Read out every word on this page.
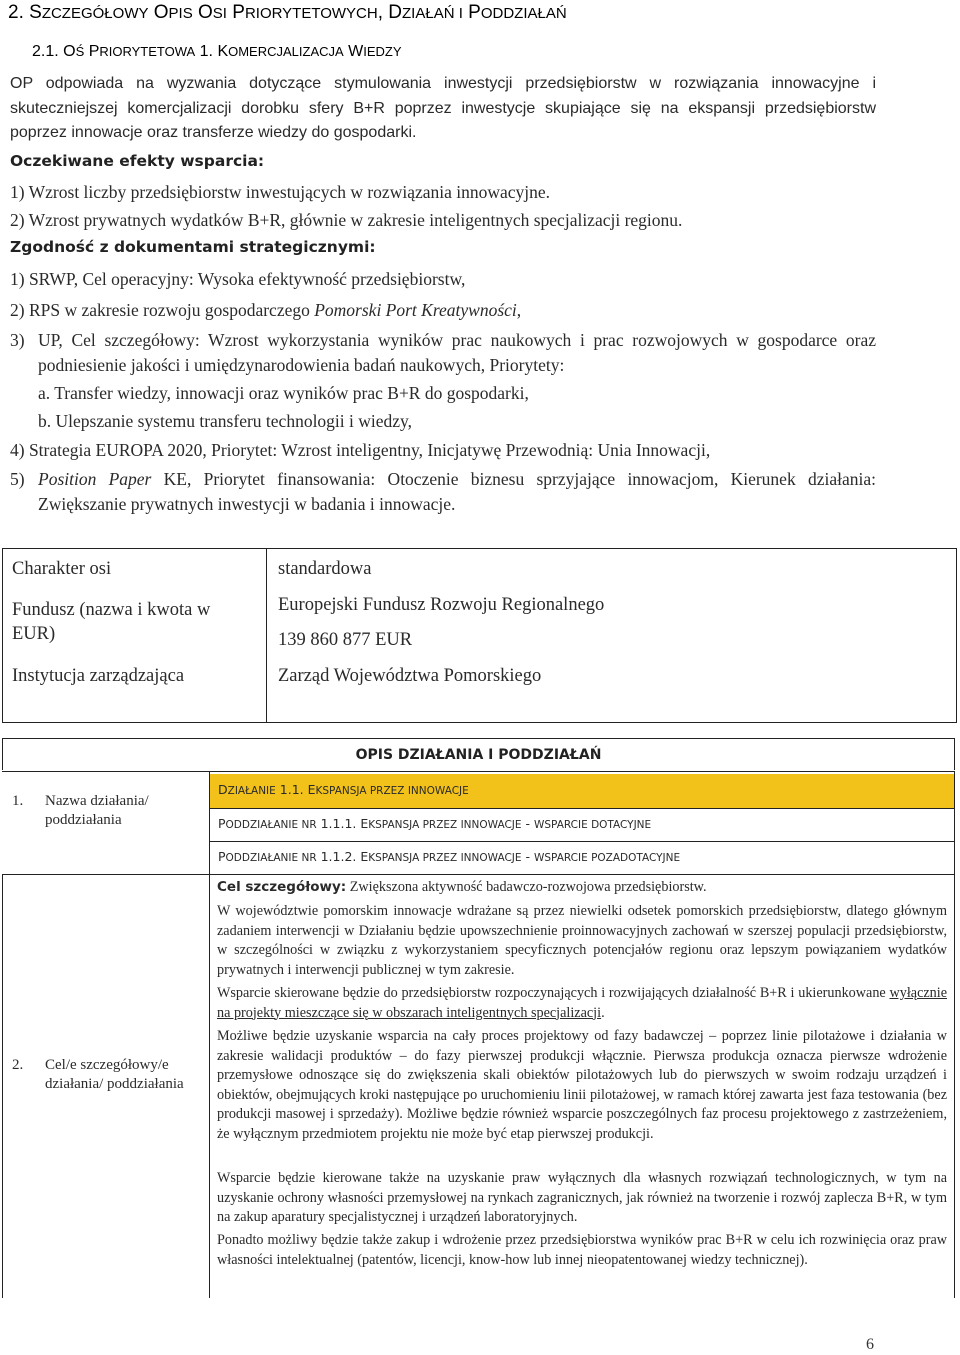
2. SZCZEGÓŁOWY OPIS OSI PRIORYTETOWYCH, DZIAŁAŃ I PODDZIAŁAŃ
2.1. OŚ PRIORYTETOWA 1. KOMERCJALIZACJA WIEDZY
OP odpowiada na wyzwania dotyczące stymulowania inwestycji przedsiębiorstw w rozwiązania innowacyjne i skuteczniejszej komercjalizacji dorobku sfery B+R poprzez inwestycje skupiające się na ekspansji przedsiębiorstw poprzez innowacje oraz transferze wiedzy do gospodarki.
Oczekiwane efekty wsparcia:
1) Wzrost liczby przedsiębiorstw inwestujących w rozwiązania innowacyjne.
2) Wzrost prywatnych wydatków B+R, głównie w zakresie inteligentnych specjalizacji regionu.
Zgodność z dokumentami strategicznymi:
1) SRWP, Cel operacyjny: Wysoka efektywność przedsiębiorstw,
2) RPS w zakresie rozwoju gospodarczego Pomorski Port Kreatywności,
3) UP, Cel szczegółowy: Wzrost wykorzystania wyników prac naukowych i prac rozwojowych w gospodarce oraz podniesienie jakości i umiędzynarodowienia badań naukowych, Priorytety:
a. Transfer wiedzy, innowacji oraz wyników prac B+R do gospodarki,
b. Ulepszanie systemu transferu technologii i wiedzy,
4) Strategia EUROPA 2020, Priorytet: Wzrost inteligentny, Inicjatywę Przewodnią: Unia Innowacji,
5) Position Paper KE, Priorytet finansowania: Otoczenie biznesu sprzyjające innowacjom, Kierunek działania: Zwiększanie prywatnych inwestycji w badania i innowacje.
Charakter osi	standardowa
Fundusz (nazwa i kwota w EUR)
Europejski Fundusz Rozwoju Regionalnego
139 860 877 EUR
Instytucja zarządzająca	Zarząd Województwa Pomorskiego
OPIS DZIAŁANIA I PODDZIAŁAŃ
1. Nazwa działania/ poddziałania
DZIAŁANIE 1.1. EKSPANSJA PRZEZ INNOWACJE
PODDZIAŁANIE NR 1.1.1. EKSPANSJA PRZEZ INNOWACJE - WSPARCIE DOTACYJNE
PODDZIAŁANIE NR 1.1.2. EKSPANSJA PRZEZ INNOWACJE - WSPARCIE POZADOTACYJNE
2. Cel/e szczegółowy/e działania/ poddziałania
Cel szczegółowy: Zwiększona aktywność badawczo-rozwojowa przedsiębiorstw.
W województwie pomorskim innowacje wdrażane są przez niewielki odsetek pomorskich przedsiębiorstw, dlatego głównym zadaniem interwencji w Działaniu będzie upowszechnienie proinnowacyjnych zachowań w szerszej populacji przedsiębiorstw, w szczególności w związku z wykorzystaniem specyficznych potencjałów regionu oraz lepszym powiązaniem wydatków prywatnych i interwencji publicznej w tym zakresie.
Wsparcie skierowane będzie do przedsiębiorstw rozpoczynających i rozwijających działalność B+R i ukierunkowane wyłącznie na projekty mieszczące się w obszarach inteligentnych specjalizacji.
Możliwe będzie uzyskanie wsparcia na cały proces projektowy od fazy badawczej – poprzez linie pilotażowe i działania w zakresie walidacji produktów – do fazy pierwszej produkcji włącznie. Pierwsza produkcja oznacza pierwsze wdrożenie przemysłowe odnoszące się do zwiększenia skali obiektów pilotażowych lub do pierwszych w swoim rodzaju urządzeń i obiektów, obejmujących kroki następujące po uruchomieniu linii pilotażowej, w ramach której zawarta jest faza testowania (bez produkcji masowej i sprzedaży). Możliwe będzie również wsparcie poszczególnych faz procesu projektowego z zastrzeżeniem, że wyłącznym przedmiotem projektu nie może być etap pierwszej produkcji.
Wsparcie będzie kierowane także na uzyskanie praw wyłącznych dla własnych rozwiązań technologicznych, w tym na uzyskanie ochrony własności przemysłowej na rynkach zagranicznych, jak również na tworzenie i rozwój zaplecza B+R, w tym na zakup aparatury specjalistycznej i urządzeń laboratoryjnych.
Ponadto możliwy będzie także zakup i wdrożenie przez przedsiębiorstwa wyników prac B+R w celu ich rozwinięcia oraz praw własności intelektualnej (patentów, licencji, know-how lub innej nieopatentowanej wiedzy technicznej).
6
